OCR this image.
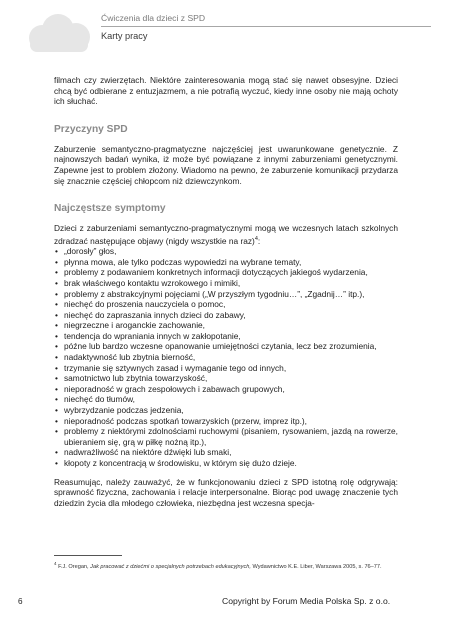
Ćwiczenia dla dzieci z SPD
Karty pracy

filmach czy zwierzętach. Niektóre zainteresowania mogą stać się nawet obsesyjne. Dzieci chcą być odbierane z entuzjazmem, a nie potrafią wyczuć, kiedy inne osoby nie mają ochoty ich słuchać.

Przyczyny SPD

Zaburzenie semantyczno-pragmatyczne najczęściej jest uwarunkowane genetycznie. Z najnowszych badań wynika, iż może być powiązane z innymi zaburzeniami genetycznymi. Zapewne jest to problem złożony. Wiadomo na pewno, że zaburzenie komunikacji przydarza się znacznie częściej chłopcom niż dziewczynkom.

Najczęstsze symptomy

Dzieci z zaburzeniami semantyczno-pragmatycznymi mogą we wczesnych latach szkolnych zdradzać następujące objawy (nigdy wszystkie na raz)$^4$:

• „dorosły” głos,
• płynna mowa, ale tylko podczas wypowiedzi na wybrane tematy,
• problemy z podawaniem konkretnych informacji dotyczących jakiegoś wydarzenia,
• brak właściwego kontaktu wzrokowego i mimiki,
• problemy z abstrakcyjnymi pojęciami („W przyszłym tygodniu…”, „Zgadnij…” itp.),
• niechęć do proszenia nauczyciela o pomoc,
• niechęć do zapraszania innych dzieci do zabawy,
• niegrzeczne i aroganckie zachowanie,
• tendencja do wpraniania innych w zakłopotanie,
• późne lub bardzo wczesne opanowanie umiejętności czytania, lecz bez zrozumienia,
• nadaktywność lub zbytnia bierność,
• trzymanie się sztywnych zasad i wymaganie tego od innych,
• samotnictwo lub zbytnia towarzyskość,
• nieporadność w grach zespołowych i zabawach grupowych,
• niechęć do tłumów,
• wybrzydzanie podczas jedzenia,
• nieporadność podczas spotkań towarzyskich (przerw, imprez itp.),
• problemy z niektórymi zdolnościami ruchowymi (pisaniem, rysowaniem, jazdą na rowerze, ubieraniem się, grą w piłkę nożną itp.),
• nadwrażliwość na niektóre dźwięki lub smaki,
• kłopoty z koncentracją w środowisku, w którym się dużo dzieje.

Reasumując, należy zauważyć, że w funkcjonowaniu dzieci z SPD istotną rolę odgrywają: sprawność fizyczna, zachowania i relacje interpersonalne. Biorąc pod uwagę znaczenie tych dziedzin życia dla młodego człowieka, niezbędna jest wczesna specja-

$^4$ F.J. Oregan, Jak pracować z dziećmi o specjalnych potrzebach edukacyjnych, Wydawnictwo K.E. Liber, Warszawa 2005, s. 76–77.
6	Copyright by Forum Media Polska Sp. z o.o.
